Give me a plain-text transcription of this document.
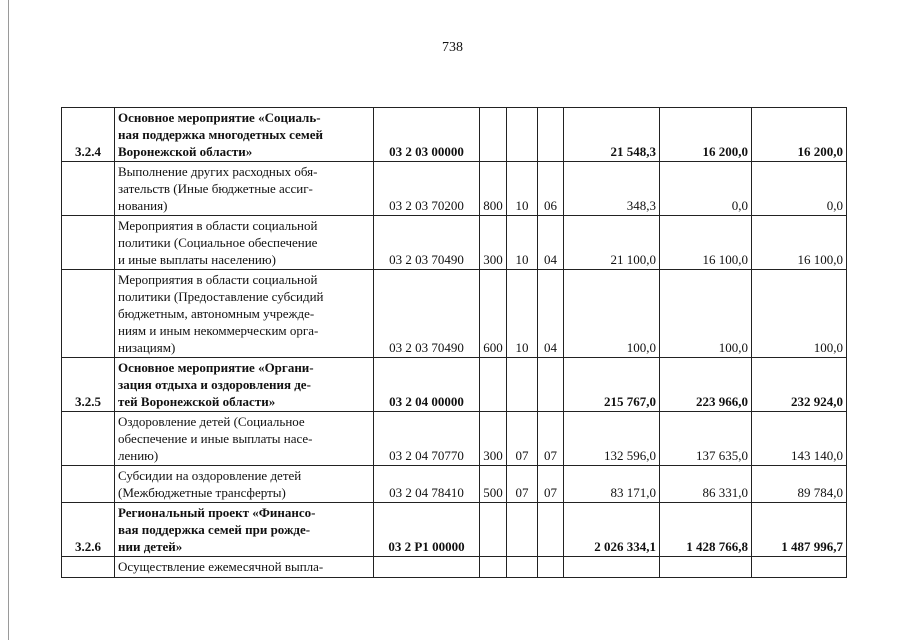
738
3.2.4	Основное мероприятие «Социаль-
ная поддержка многодетных семей
Воронежской области»	03 2 03 00000				21 548,3	16 200,0	16 200,0

	Выполнение других расходных обя-
зательств (Иные бюджетные ассиг-
нования)	03 2 03 70200	800	10	06	348,3	0,0	0,0

	Мероприятия в области социальной
политики (Социальное обеспечение
и иные выплаты населению)	03 2 03 70490	300	10	04	21 100,0	16 100,0	16 100,0

	Мероприятия в области социальной
политики (Предоставление субсидий
бюджетным, автономным учрежде-
ниям и иным некоммерческим орга-
низациям)	03 2 03 70490	600	10	04	100,0	100,0	100,0
3.2.5	Основное мероприятие «Органи-
зация отдыха и оздоровления де-
тей Воронежской области»	03 2 04 00000				215 767,0	223 966,0	232 924,0

	Оздоровление детей (Социальное
обеспечение и иные выплаты насе-
лению)	03 2 04 70770	300	07	07	132 596,0	137 635,0	143 140,0

	Субсидии на оздоровление детей
(Межбюджетные трансферты)	03 2 04 78410	500	07	07	83 171,0	86 331,0	89 784,0
3.2.6	Региональный проект «Финансо-
вая поддержка семей при рожде-
нии детей»	03 2 Р1 00000				2 026 334,1	1 428 766,8	1 487 996,7

	Осуществление ежемесячной выпла-							
